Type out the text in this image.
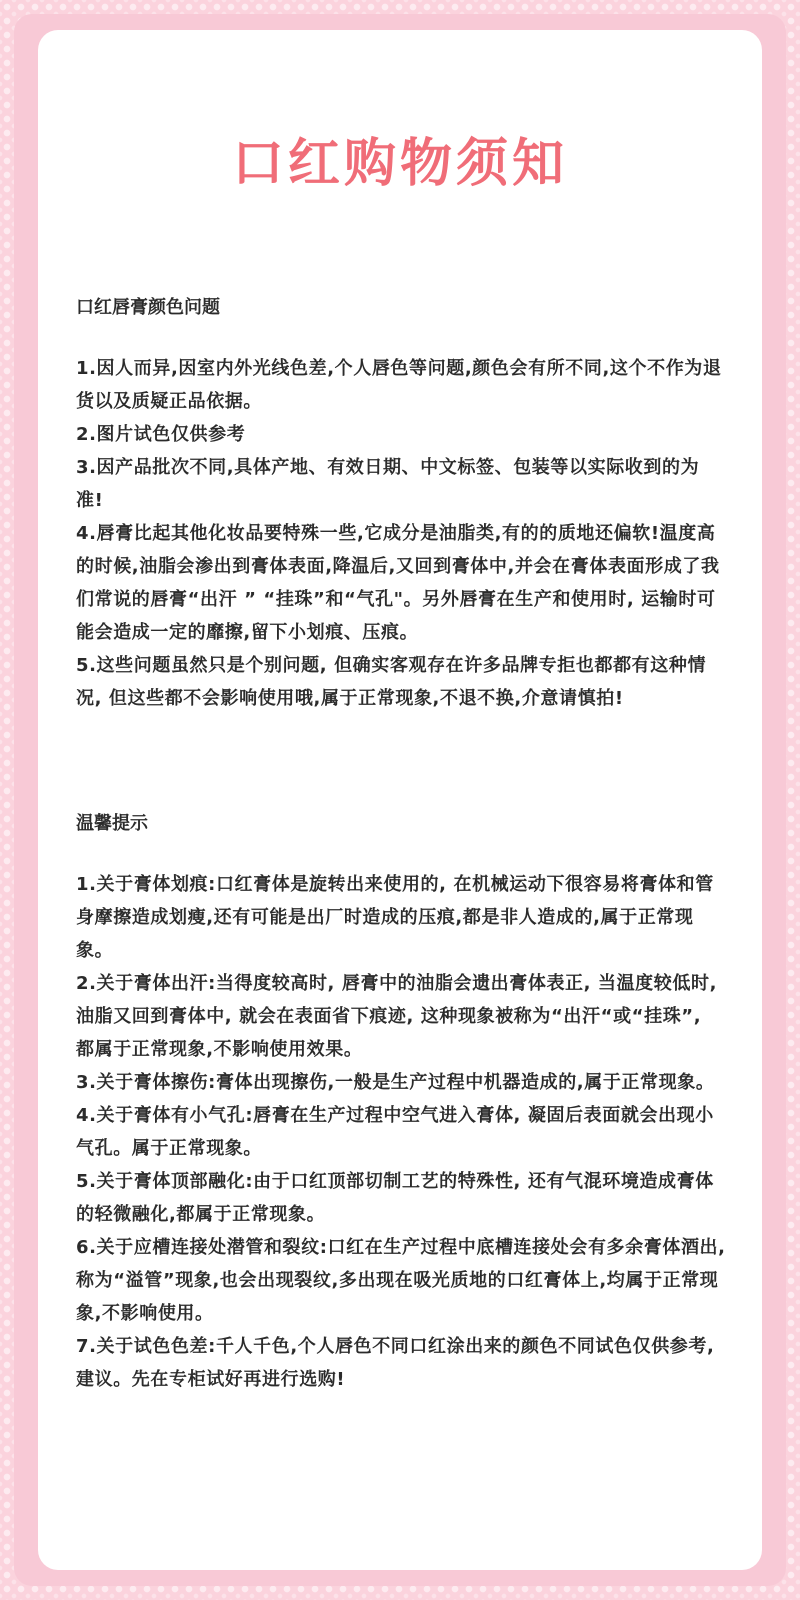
口红购物须知
口红唇膏颜色问题

1.因人而异,因室内外光线色差,个人唇色等问题,颜色会有所不同,这个不作为退货以及质疑正品依据。

2.图片试色仅供参考

3.因产品批次不同,具体产地、有效日期、中文标签、包装等以实际收到的为准!

4.唇膏比起其他化妆品要特殊一些,它成分是油脂类,有的的质地还偏软!温度高的时候,油脂会渗出到膏体表面,降温后,又回到膏体中,并会在膏体表面形成了我们常说的唇膏“出汗 ” “挂珠”和“气孔"。另外唇膏在生产和使用时, 运输时可能会造成一定的靡擦,留下小划痕、压痕。

5.这些问题虽然只是个别问题, 但确实客观存在许多品牌专拒也都都有这种情况, 但这些都不会影响使用哦,属于正常现象,不退不换,介意请慎拍!

温馨提示

1.关于膏体划痕:口红膏体是旋转出来使用的, 在机械运动下很容易将膏体和管身摩擦造成划瘦,还有可能是出厂时造成的压痕,都是非人造成的,属于正常现象。

2.关于膏体出汗:当得度较高时, 唇膏中的油脂会遗出膏体表正, 当温度较低时, 油脂又回到膏体中, 就会在表面省下痕迹, 这种现象被称为“出汗“或“挂珠”, 都属于正常现象,不影响使用效果。

3.关于膏体擦伤:膏体出现擦伤,一般是生产过程中机器造成的,属于正常现象。

4.关于膏体有小气孔:唇膏在生产过程中空气进入膏体, 凝固后表面就会出现小气孔。属于正常现象。

5.关于膏体顶部融化:由于口红顶部切制工艺的特殊性, 还有气混环境造成膏体的轻微融化,都属于正常现象。

6.关于应槽连接处潜管和裂纹:口红在生产过程中底槽连接处会有多余膏体酒出, 称为“溢管”现象,也会出现裂纹,多出现在吸光质地的口红膏体上,均属于正常现象,不影响使用。

7.关于试色色差:千人千色,个人唇色不同口红涂出来的颜色不同试色仅供参考,建议。先在专柜试好再进行选购!
